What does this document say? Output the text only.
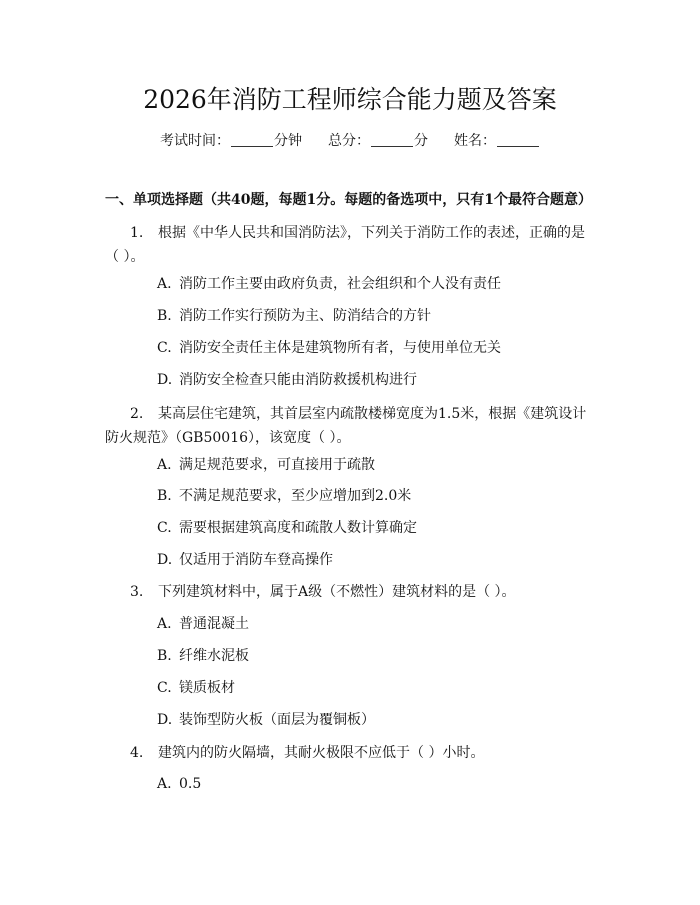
2026年消防工程师综合能力题及答案
考试时间：	分钟 总分：	分 姓名：
一、单项选择题（共40题，每题1分。每题的备选项中，只有1个最符合题意）
1. 根据《中华人民共和国消防法》，下列关于消防工作的表述，正确的是（ ）。
A. 消防工作主要由政府负责，社会组织和个人没有责任
B. 消防工作实行预防为主、防消结合的方针
C. 消防安全责任主体是建筑物所有者，与使用单位无关
D. 消防安全检查只能由消防救援机构进行
2. 某高层住宅建筑，其首层室内疏散楼梯宽度为1.5米，根据《建筑设计防火规范》（GB50016），该宽度（ ）。
A. 满足规范要求，可直接用于疏散
B. 不满足规范要求，至少应增加到2.0米
C. 需要根据建筑高度和疏散人数计算确定
D. 仅适用于消防车登高操作
3. 下列建筑材料中，属于A级（不燃性）建筑材料的是（ ）。
A. 普通混凝土
B. 纤维水泥板
C. 镁质板材
D. 装饰型防火板（面层为覆铜板）
4. 建筑内的防火隔墙，其耐火极限不应低于（ ）小时。
A. 0.5
